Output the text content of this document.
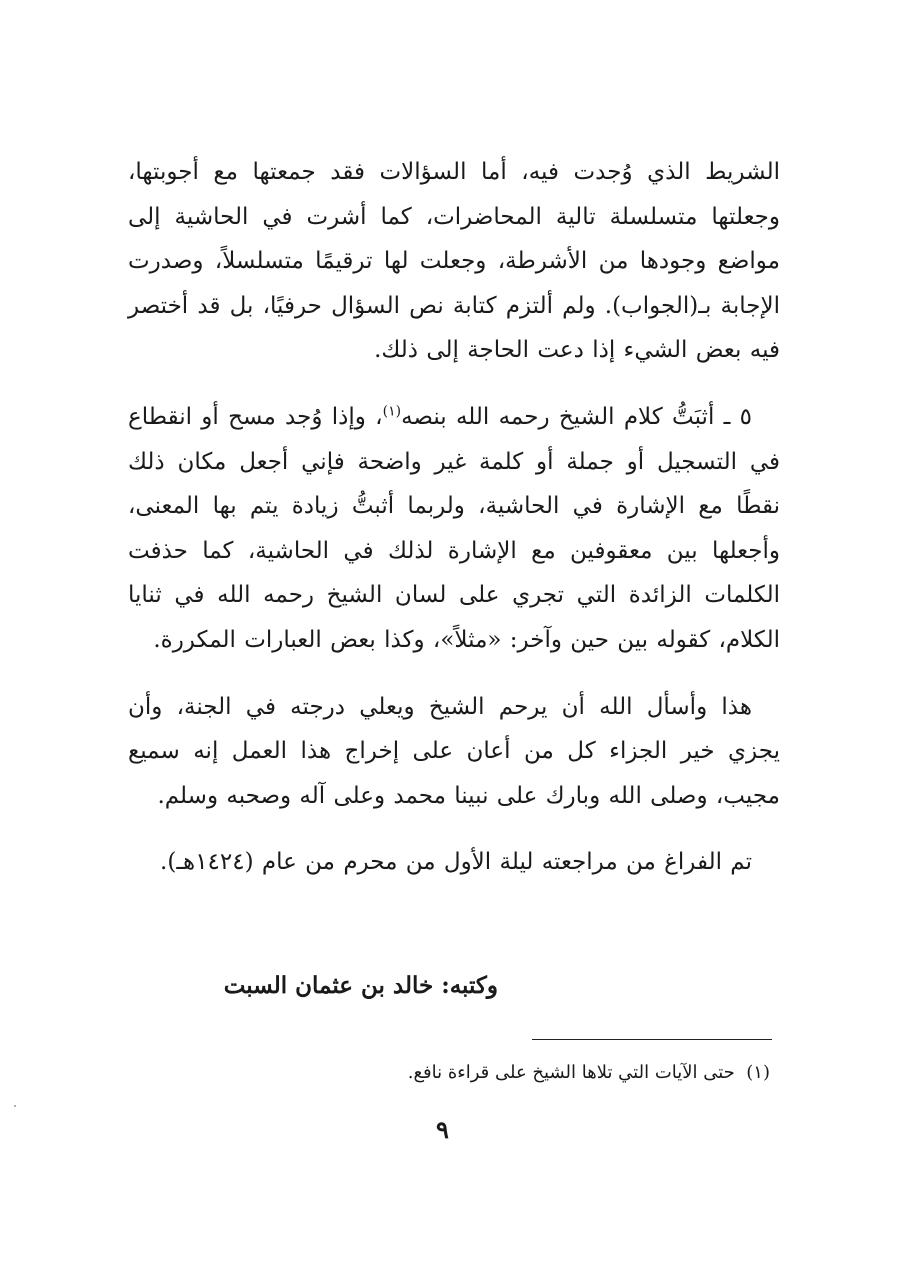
الشريط الذي وُجدت فيه، أما السؤالات فقد جمعتها مع أجوبتها، وجعلتها متسلسلة تالية المحاضرات، كما أشرت في الحاشية إلى مواضع وجودها من الأشرطة، وجعلت لها ترقيمًا متسلسلاً، وصدرت الإجابة بـ(الجواب). ولم ألتزم كتابة نص السؤال حرفيًا، بل قد أختصر فيه بعض الشيء إذا دعت الحاجة إلى ذلك.

٥ ـ أثبَتُّ كلام الشيخ رحمه الله بنصه$^{(١)}$، وإذا وُجد مسح أو انقطاع في التسجيل أو جملة أو كلمة غير واضحة فإني أجعل مكان ذلك نقطًا مع الإشارة في الحاشية، ولربما أثبتُّ زيادة يتم بها المعنى، وأجعلها بين معقوفين مع الإشارة لذلك في الحاشية، كما حذفت الكلمات الزائدة التي تجري على لسان الشيخ رحمه الله في ثنايا الكلام، كقوله بين حين وآخر: «مثلاً»، وكذا بعض العبارات المكررة.

هذا وأسأل الله أن يرحم الشيخ ويعلي درجته في الجنة، وأن يجزي خير الجزاء كل من أعان على إخراج هذا العمل إنه سميع مجيب، وصلى الله وبارك على نبينا محمد وعلى آله وصحبه وسلم.

تم الفراغ من مراجعته ليلة الأول من محرم من عام (١٤٢٤هـ).

وكتبه: خالد بن عثمان السبت
(١)  حتى الآيات التي تلاها الشيخ على قراءة نافع.
٩
